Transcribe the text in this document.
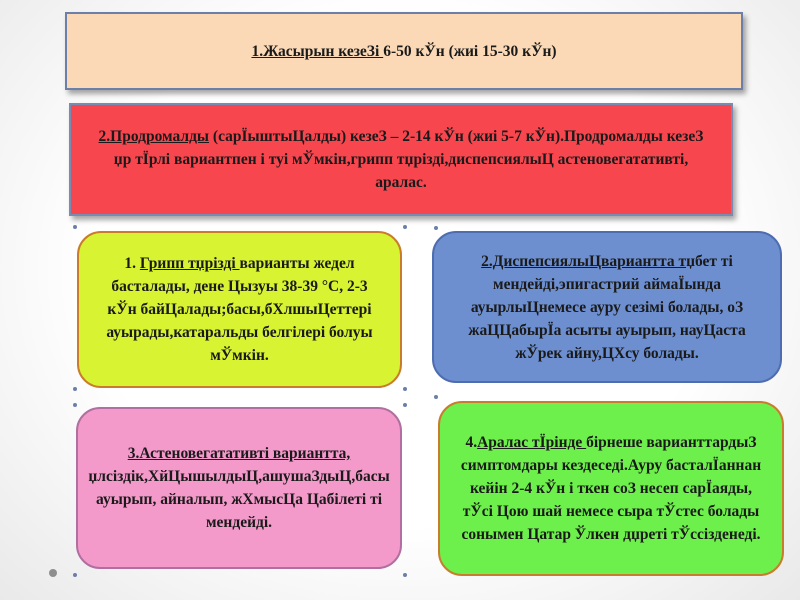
1.Жасырын кезеЗі 6-50 кЎн (жиі 15-30 кЎн)
2.Продромалды (сарЇыштыЦалды) кезеЗ – 2-14 кЎн (жиі 5-7 кЎн).Продромалды кезеЗ џр тЇрлі вариантпен і туі мЎмкін,грипп тџрізді,диспепсиялыЦ астеновегатативті, аралас.
1. Грипп тџрізді варианты жедел басталады, дене Цызуы 38-39 °С, 2-3 кЎн байЦалады;басы,бХлшыЦеттері ауырады,катаральды белгілері болуы мЎмкін.
2.ДиспепсиялыЦвариантта тџбет ті мендейді,эпигастрий аймаЇында ауырлыЦнемесе ауру сезімі болады, оЗ жаЦЦабырЇа асыты ауырып, науЦаста жЎрек айну,ЦХсу болады.
3.Астеновегатативті вариантта, џлсіздік,ХйЦышылдыЦ,ашушаЗдыЦ,басы ауырып, айналып, жХмысЦа Цабілеті ті мендейді.
4.Аралас тЇрінде бірнеше варианттардыЗ симптомдары кездеседі.Ауру басталЇаннан кейін 2-4 кЎн і ткен соЗ несеп сарЇаяды, тЎсі Цою шай немесе сыра тЎстес болады сонымен Цатар Ўлкен дџреті тЎссізденеді.
